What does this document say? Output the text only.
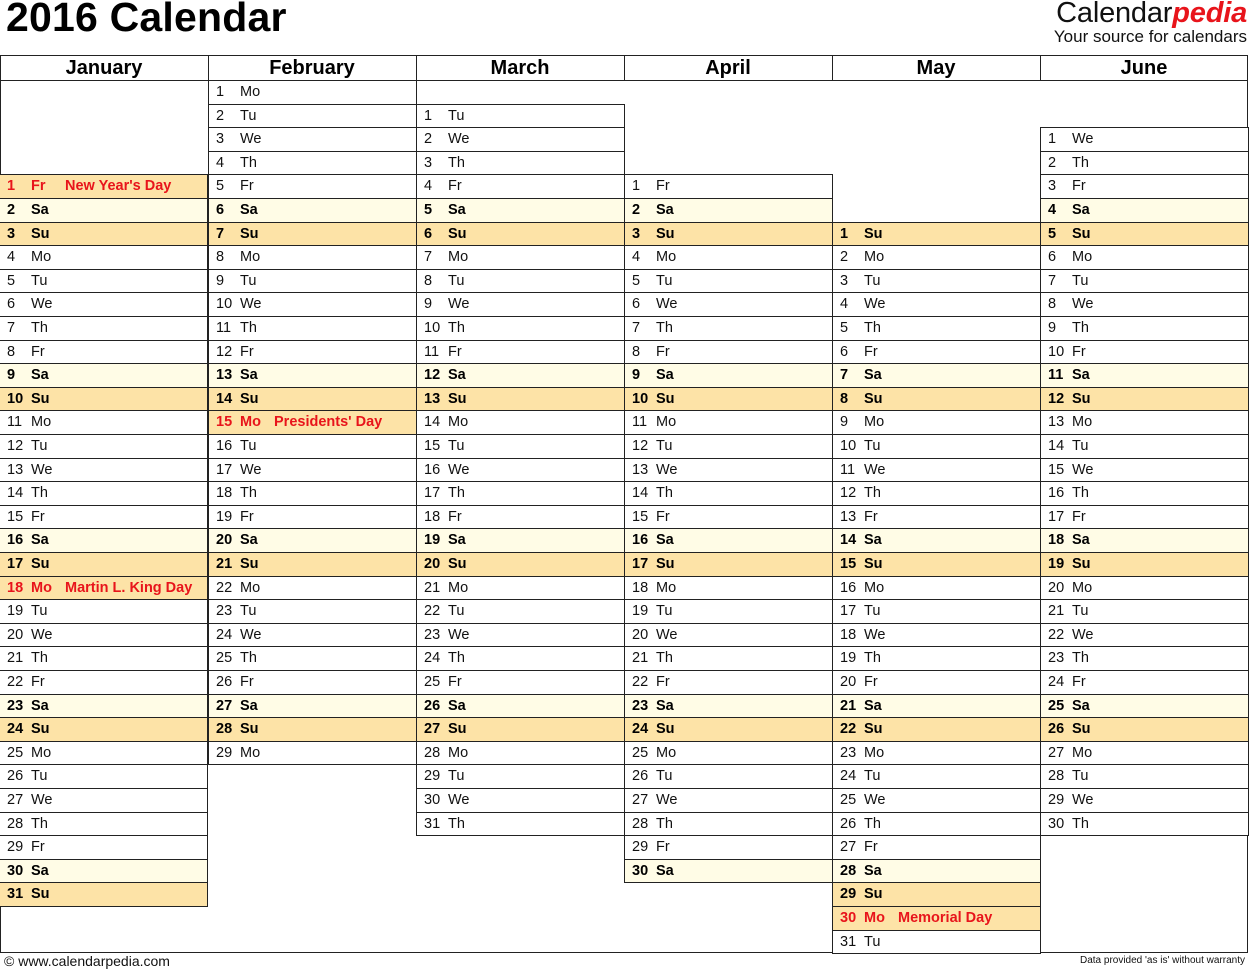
2016 Calendar	Calendarpedia
Your source for calendars
January
1 Fr New Year's Day
2 Sa
3 Su
4 Mo
5 Tu
6 We
7 Th
8 Fr
9 Sa
10 Su
11 Mo
12 Tu
13 We
14 Th
15 Fr
16 Sa
17 Su
18 Mo Martin L. King Day
19 Tu
20 We
21 Th
22 Fr
23 Sa
24 Su
25 Mo
26 Tu
27 We
28 Th
29 Fr
30 Sa
31 Su
February
1 Mo
2 Tu
3 We
4 Th
5 Fr
6 Sa
7 Su
8 Mo
9 Tu
10 We
11 Th
12 Fr
13 Sa
14 Su
15 Mo Presidents' Day
16 Tu
17 We
18 Th
19 Fr
20 Sa
21 Su
22 Mo
23 Tu
24 We
25 Th
26 Fr
27 Sa
28 Su
29 Mo
March
1 Tu
2 We
3 Th
4 Fr
5 Sa
6 Su
7 Mo
8 Tu
9 We
10 Th
11 Fr
12 Sa
13 Su
14 Mo
15 Tu
16 We
17 Th
18 Fr
19 Sa
20 Su
21 Mo
22 Tu
23 We
24 Th
25 Fr
26 Sa
27 Su
28 Mo
29 Tu
30 We
31 Th
April
1 Fr
2 Sa
3 Su
4 Mo
5 Tu
6 We
7 Th
8 Fr
9 Sa
10 Su
11 Mo
12 Tu
13 We
14 Th
15 Fr
16 Sa
17 Su
18 Mo
19 Tu
20 We
21 Th
22 Fr
23 Sa
24 Su
25 Mo
26 Tu
27 We
28 Th
29 Fr
30 Sa
May
1 Su
2 Mo
3 Tu
4 We
5 Th
6 Fr
7 Sa
8 Su
9 Mo
10 Tu
11 We
12 Th
13 Fr
14 Sa
15 Su
16 Mo
17 Tu
18 We
19 Th
20 Fr
21 Sa
22 Su
23 Mo
24 Tu
25 We
26 Th
27 Fr
28 Sa
29 Su
30 Mo Memorial Day
31 Tu
June
1 We
2 Th
3 Fr
4 Sa
5 Su
6 Mo
7 Tu
8 We
9 Th
10 Fr
11 Sa
12 Su
13 Mo
14 Tu
15 We
16 Th
17 Fr
18 Sa
19 Su
20 Mo
21 Tu
22 We
23 Th
24 Fr
25 Sa
26 Su
27 Mo
28 Tu
29 We
30 Th
© www.calendarpedia.com	Data provided 'as is' without warranty
